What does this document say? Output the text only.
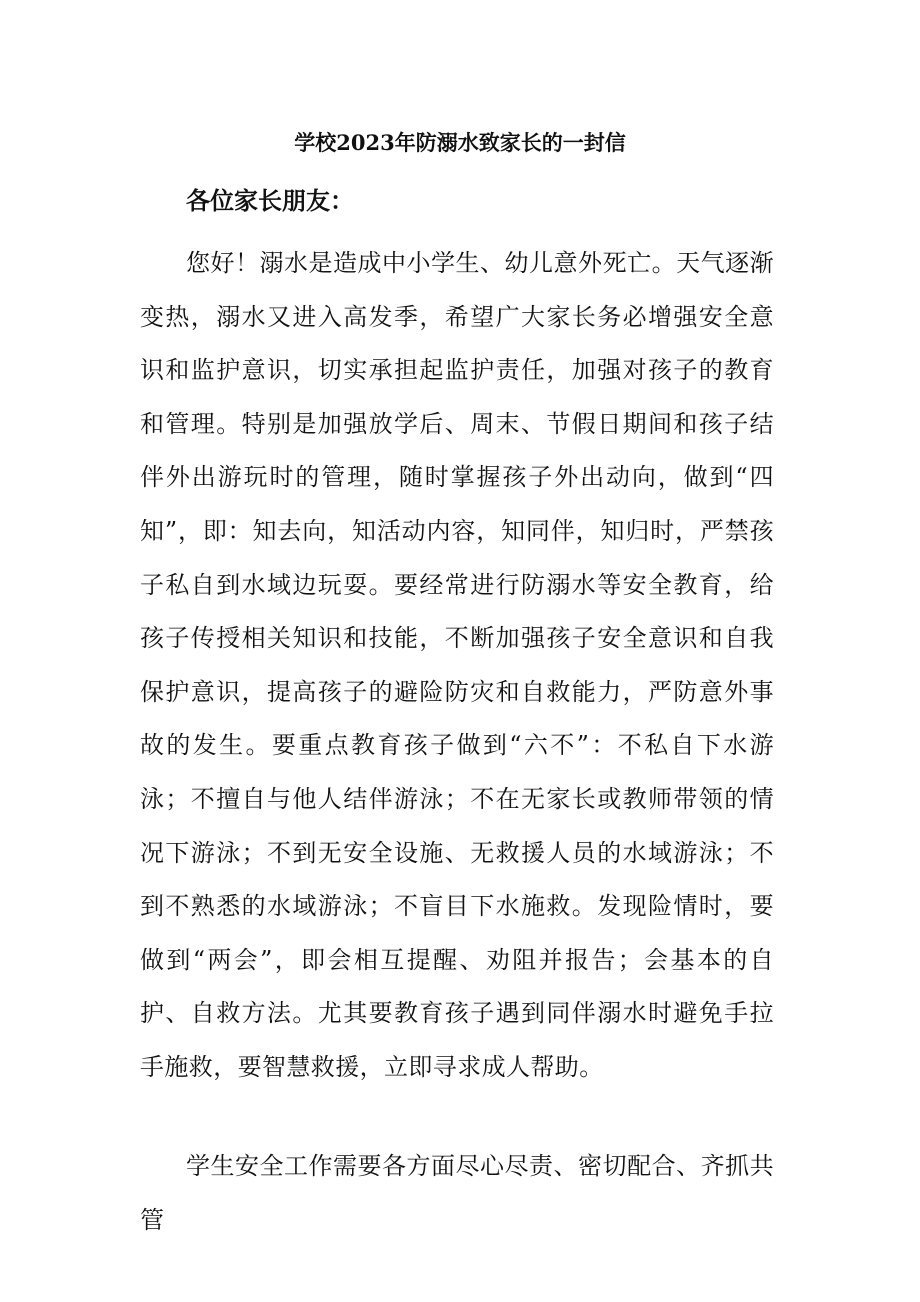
学校2023年防溺水致家长的一封信
各位家长朋友：

您好！溺水是造成中小学生、幼儿意外死亡。天气逐渐变热，溺水又进入高发季，希望广大家长务必增强安全意识和监护意识，切实承担起监护责任，加强对孩子的教育和管理。特别是加强放学后、周末、节假日期间和孩子结伴外出游玩时的管理，随时掌握孩子外出动向，做到“四知”，即：知去向，知活动内容，知同伴，知归时，严禁孩子私自到水域边玩耍。要经常进行防溺水等安全教育，给孩子传授相关知识和技能，不断加强孩子安全意识和自我保护意识，提高孩子的避险防灾和自救能力，严防意外事故的发生。要重点教育孩子做到“六不”：不私自下水游泳；不擅自与他人结伴游泳；不在无家长或教师带领的情况下游泳；不到无安全设施、无救援人员的水域游泳；不到不熟悉的水域游泳；不盲目下水施救。发现险情时，要做到“两会”，即会相互提醒、劝阻并报告；会基本的自护、自救方法。尤其要教育孩子遇到同伴溺水时避免手拉手施救，要智慧救援，立即寻求成人帮助。

学生安全工作需要各方面尽心尽责、密切配合、齐抓共管
